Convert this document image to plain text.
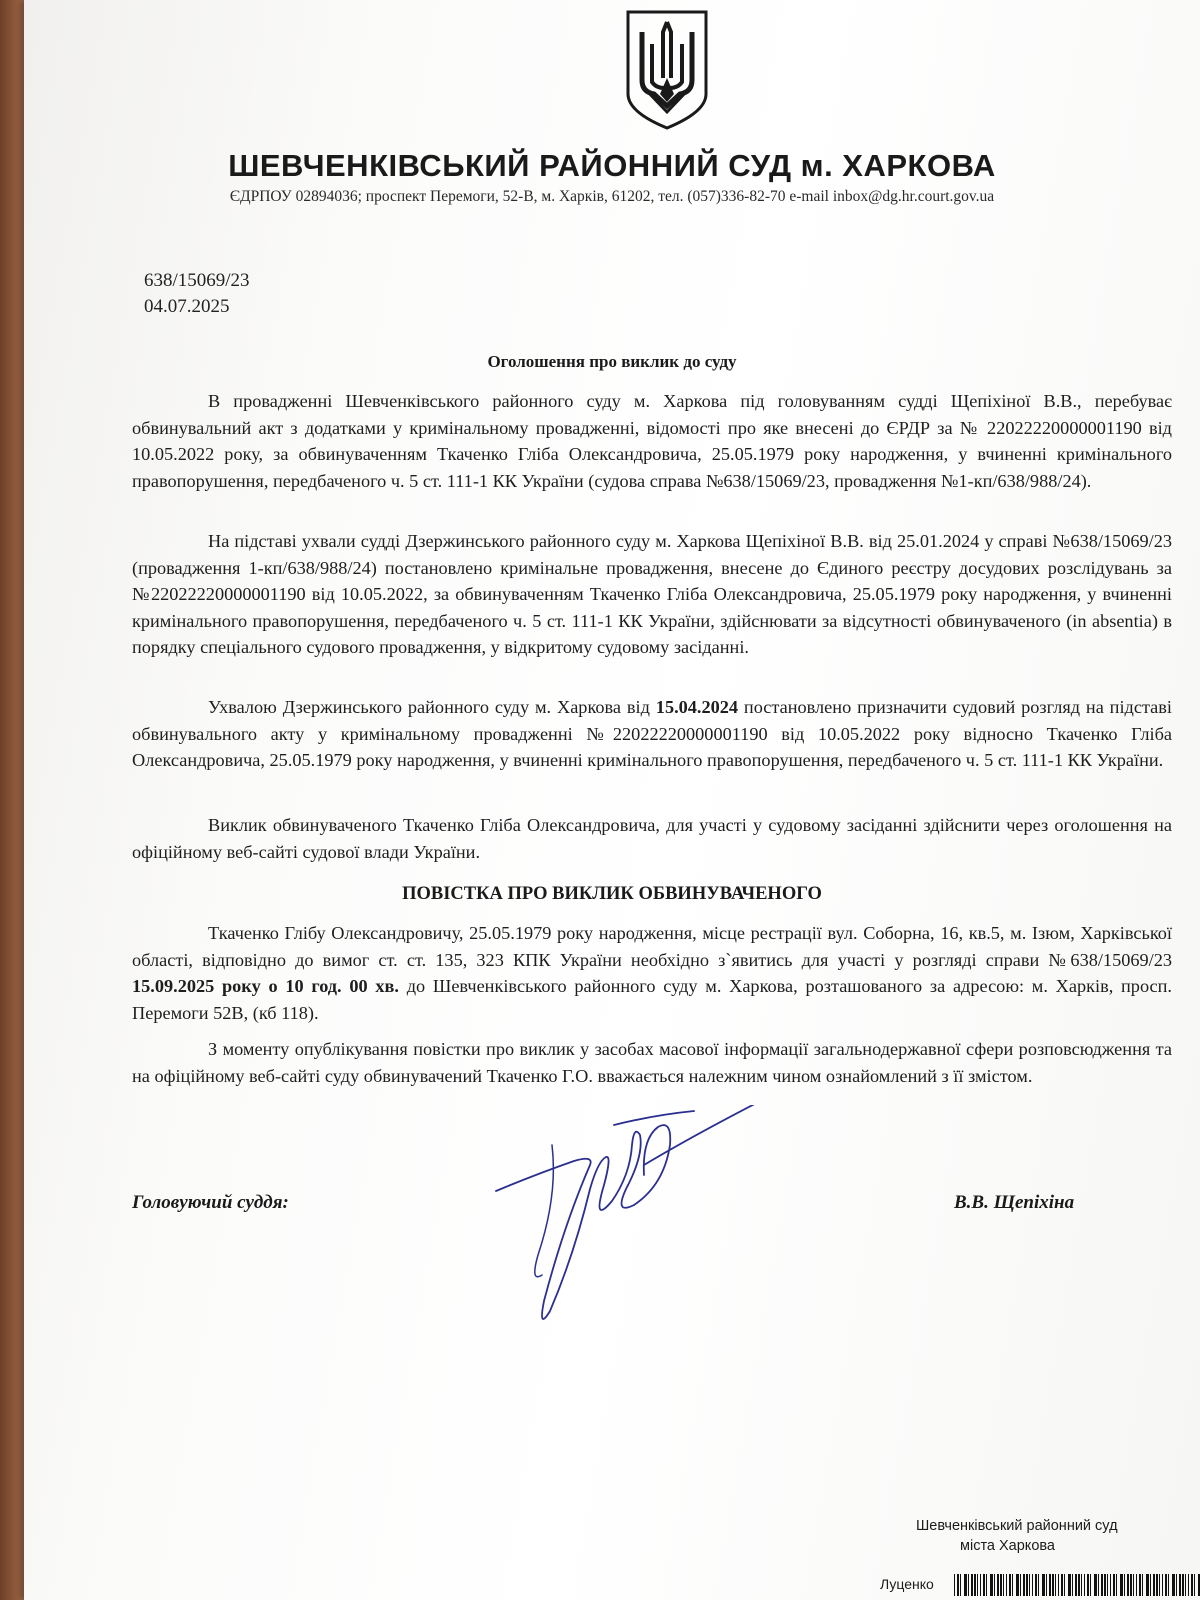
ШЕВЧЕНКІВСЬКИЙ РАЙОННИЙ СУД м. ХАРКОВА
ЄДРПОУ 02894036; проспект Перемоги, 52-В, м. Харків, 61202, тел. (057)336-82-70 e-mail inbox@dg.hr.court.gov.ua
638/15069/23
04.07.2025
Оголошення про виклик до суду

В провадженні Шевченківського районного суду м. Харкова під головуванням судді Щепіхіної В.В., перебуває обвинувальний акт з додатками у кримінальному провадженні, відомості про яке внесені до ЄРДР за № 22022220000001190 від 10.05.2022 року, за обвинуваченням Ткаченко Гліба Олександровича, 25.05.1979 року народження, у вчиненні кримінального правопорушення, передбаченого ч. 5 ст. 111-1 КК України (судова справа №638/15069/23, провадження №1-кп/638/988/24).

На підставі ухвали судді Дзержинського районного суду м. Харкова Щепіхіної В.В. від 25.01.2024 у справі №638/15069/23 (провадження 1-кп/638/988/24) постановлено кримінальне провадження, внесене до Єдиного реєстру досудових розслідувань за №22022220000001190 від 10.05.2022, за обвинуваченням Ткаченко Гліба Олександровича, 25.05.1979 року народження, у вчиненні кримінального правопорушення, передбаченого ч. 5 ст. 111-1 КК України, здійснювати за відсутності обвинуваченого (in absentia) в порядку спеціального судового провадження, у відкритому судовому засіданні.

Ухвалою Дзержинського районного суду м. Харкова від 15.04.2024 постановлено призначити судовий розгляд на підставі обвинувального акту у кримінальному провадженні №22022220000001190 від 10.05.2022 року відносно Ткаченко Гліба Олександровича, 25.05.1979 року народження, у вчиненні кримінального правопорушення, передбаченого ч. 5 ст. 111-1 КК України.

Виклик обвинуваченого Ткаченко Гліба Олександровича, для участі у судовому засіданні здійснити через оголошення на офіційному веб-сайті судової влади України.

ПОВІСТКА ПРО ВИКЛИК ОБВИНУВАЧЕНОГО

Ткаченко Глібу Олександровичу, 25.05.1979 року народження, місце рестрації вул. Соборна, 16, кв.5, м. Ізюм, Харківської області, відповідно до вимог ст. ст. 135, 323 КПК України необхідно з`явитись для участі у розгляді справи №638/15069/23 15.09.2025 року о 10 год. 00 хв. до Шевченківського районного суду м. Харкова, розташованого за адресою: м. Харків, просп. Перемоги 52В, (кб 118).

З моменту опублікування повістки про виклик у засобах масової інформації загальнодержавної сфери розповсюдження та на офіційному веб-сайті суду обвинувачений Ткаченко Г.О. вважається належним чином ознайомлений з її змістом.

Головуючий суддя:	В.В. Щепіхіна
Шевченківський районний суд
міста Харкова
Луценко
